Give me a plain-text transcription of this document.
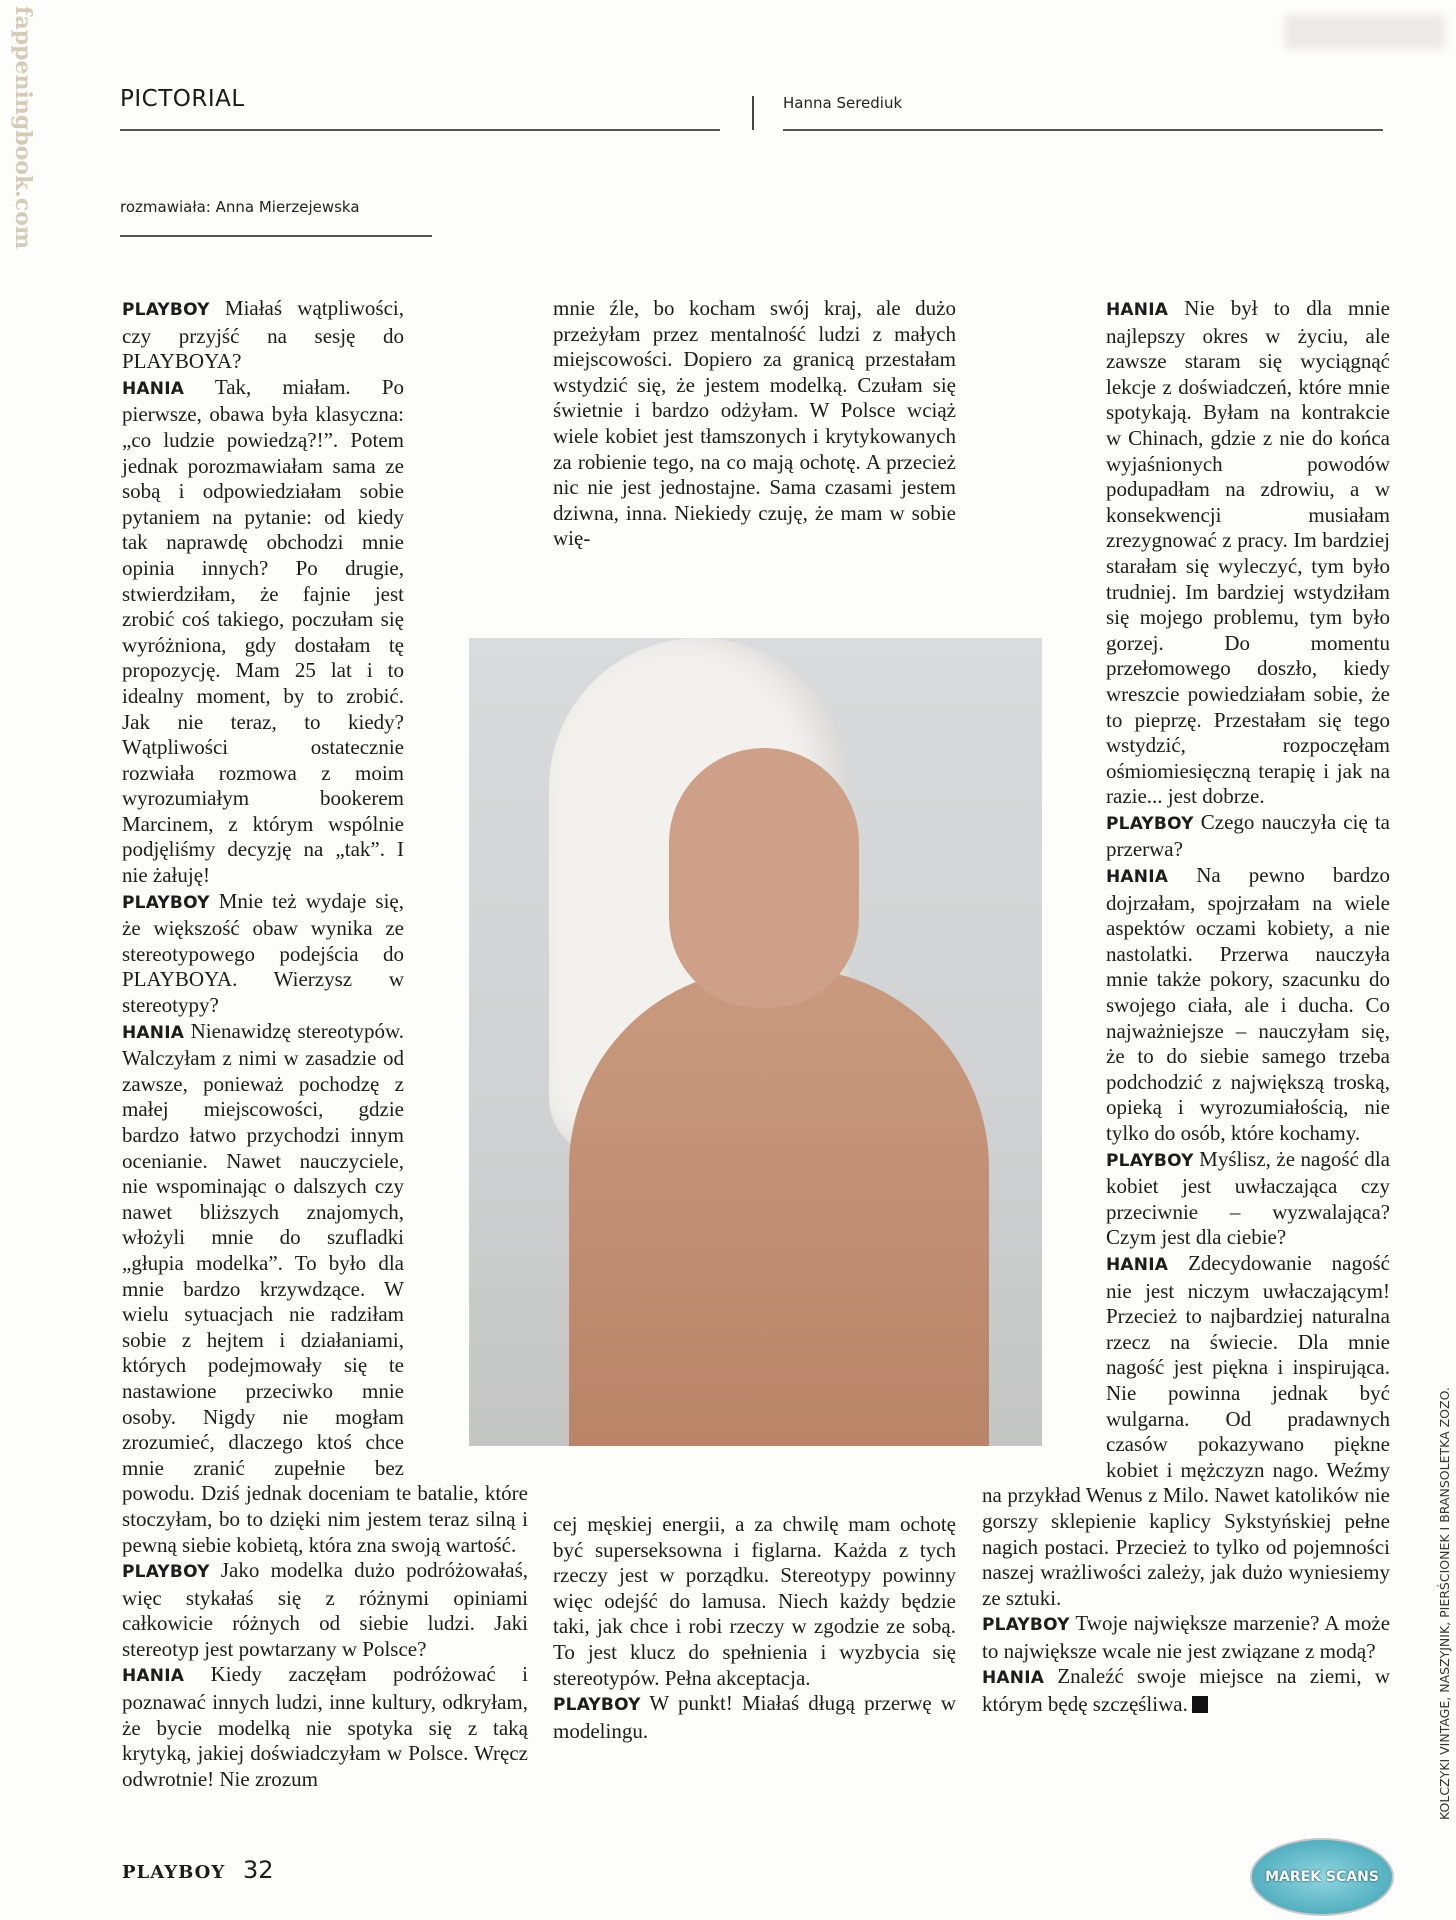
fappeningbook.com	PICTORIAL	Hanna Serediuk
rozmawiała: Anna Mierzejewska

PLAYBOY Miałaś wątpliwości, czy przyjść na sesję do PLAYBOYA?

HANIA Tak, miałam. Po pierwsze, obawa była klasyczna: „co ludzie powiedzą?!”. Potem jednak porozmawiałam sama ze sobą i odpowiedziałam sobie pytaniem na pytanie: od kiedy tak naprawdę obchodzi mnie opinia innych? Po drugie, stwierdziłam, że fajnie jest zrobić coś takiego, poczułam się wyróżniona, gdy dostałam tę propozycję. Mam 25 lat i to idealny moment, by to zrobić. Jak nie teraz, to kiedy? Wątpliwości ostatecznie rozwiała rozmowa z moim wyrozumiałym bookerem Marcinem, z którym wspólnie podjęliśmy decyzję na „tak”. I nie żałuję!

PLAYBOY Mnie też wydaje się, że większość obaw wynika ze stereotypowego podejścia do PLAYBOYA. Wierzysz w stereotypy?

HANIA Nienawidzę stereotypów. Walczyłam z nimi w zasadzie od zawsze, ponieważ pochodzę z małej miejscowości, gdzie bardzo łatwo przychodzi innym ocenianie. Nawet nauczyciele, nie wspominając o dalszych czy nawet bliższych znajomych, włożyli mnie do szufladki „głupia modelka”. To było dla mnie bardzo krzywdzące. W wielu sytuacjach nie radziłam sobie z hejtem i działaniami, których podejmowały się te nastawione przeciwko mnie osoby. Nigdy nie mogłam zrozumieć, dlaczego ktoś chce mnie zranić zupełnie bez powodu. Dziś jednak doceniam te batalie, które stoczyłam, bo to dzięki nim jestem teraz silną i pewną siebie kobietą, która zna swoją wartość.

PLAYBOY Jako modelka dużo podróżowałaś, więc stykałaś się z różnymi opiniami całkowicie różnych od siebie ludzi. Jaki stereotyp jest powtarzany w Polsce?

HANIA Kiedy zaczęłam podróżować i poznawać innych ludzi, inne kultury, odkryłam, że bycie modelką nie spotyka się z taką krytyką, jakiej doświadczyłam w Polsce. Wręcz odwrotnie! Nie zrozum

mnie źle, bo kocham swój kraj, ale dużo przeżyłam przez mentalność ludzi z małych miejscowości. Dopiero za granicą przestałam wstydzić się, że jestem modelką. Czułam się świetnie i bardzo odżyłam. W Polsce wciąż wiele kobiet jest tłamszonych i krytykowanych za robienie tego, na co mają ochotę. A przecież nic nie jest jednostajne. Sama czasami jestem dziwna, inna. Niekiedy czuję, że mam w sobie wię-

cej męskiej energii, a za chwilę mam ochotę być superseksowna i figlarna. Każda z tych rzeczy jest w porządku. Stereotypy powinny więc odejść do lamusa. Niech każdy będzie taki, jak chce i robi rzeczy w zgodzie ze sobą. To jest klucz do spełnienia i wyzbycia się stereotypów. Pełna akceptacja.

PLAYBOY W punkt! Miałaś długą przerwę w modelingu.

HANIA Nie był to dla mnie najlepszy okres w życiu, ale zawsze staram się wyciągnąć lekcje z doświadczeń, które mnie spotykają. Byłam na kontrakcie w Chinach, gdzie z nie do końca wyjaśnionych powodów podupadłam na zdrowiu, a w konsekwencji musiałam zrezygnować z pracy. Im bardziej starałam się wyleczyć, tym było trudniej. Im bardziej wstydziłam się mojego problemu, tym było gorzej. Do momentu przełomowego doszło, kiedy wreszcie powiedziałam sobie, że to pieprzę. Przestałam się tego wstydzić, rozpoczęłam ośmiomiesięczną terapię i jak na razie... jest dobrze.

PLAYBOY Czego nauczyła cię ta przerwa?

HANIA Na pewno bardzo dojrzałam, spojrzałam na wiele aspektów oczami kobiety, a nie nastolatki. Przerwa nauczyła mnie także pokory, szacunku do swojego ciała, ale i ducha. Co najważniejsze – nauczyłam się, że to do siebie samego trzeba podchodzić z największą troską, opieką i wyrozumiałością, nie tylko do osób, które kochamy.

PLAYBOY Myślisz, że nagość dla kobiet jest uwłaczająca czy przeciwnie – wyzwalająca? Czym jest dla ciebie?

HANIA Zdecydowanie nagość nie jest niczym uwłaczającym! Przecież to najbardziej naturalna rzecz na świecie. Dla mnie nagość jest piękna i inspirująca. Nie powinna jednak być wulgarna. Od pradawnych czasów pokazywano piękne kobiet i mężczyzn nago. Weźmy na przykład Wenus z Milo. Nawet katolików nie gorszy sklepienie kaplicy Sykstyńskiej pełne nagich postaci. Przecież to tylko od pojemności naszej wrażliwości zależy, jak dużo wyniesiemy ze sztuki.

PLAYBOY Twoje największe marzenie? A może to największe wcale nie jest związane z modą?

HANIA Znaleźć swoje miejsce na ziemi, w którym będę szczęśliwa.

PLAYBOY 32
KOLCZYKI VINTAGE, NASZYJNIK, PIERŚCIONEK I BRANSOLETKA ZOZO.
MAREK SCANS
